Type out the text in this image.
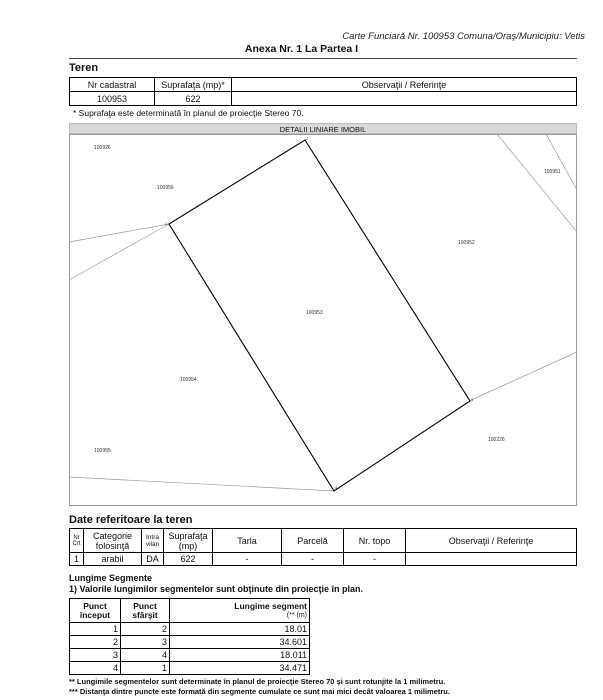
Carte Funciară Nr. 100953 Comuna/Oraş/Municipiu: Vetis
Anexa Nr. 1 La Partea I
Teren
Nr cadastral	Suprafaţa (mp)*	Observaţii / Referinţe
100953	622	
* Suprafaţa este determinată în planul de proiecţie Stereo 70.
DETALII LINIARE IMOBIL
100953
100926
100956
100951
100952
100954
100955
100226
1
2
3
4
Date referitoare la teren
Nr Crt	Categorie folosinţă	Intra vilan	Suprafaţa (mp)	Tarla	Parcelă	Nr. topo	Observaţii / Referinţe
1	arabil	DA	622	-	-	-	
Lungime Segmente
1) Valorile lungimilor segmentelor sunt obţinute din proiecţie în plan.
Punct început	Punct sfârşit	Lungime segment
(** (m)

1	2	18.01
2	3	34.601
3	4	18.011
4	1	34.471
** Lungimile segmentelor sunt determinate în planul de proiecţie Stereo 70 şi sunt rotunjite la 1 milimetru.
*** Distanţa dintre puncte este formată din segmente cumulate ce sunt mai mici decât valoarea 1 milimetru.
